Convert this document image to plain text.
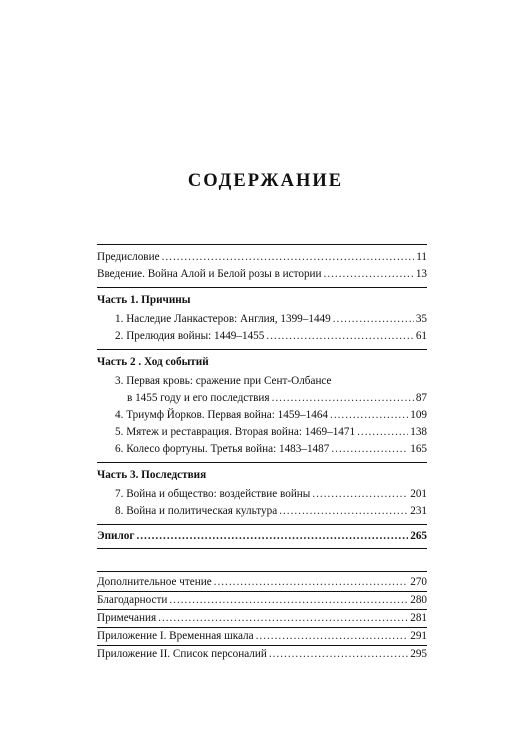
СОДЕРЖАНИЕ
Предисловие .....	11
Введение. Война Алой и Белой розы в истории .....	13
Часть 1. Причины
1. Наследие Ланкастеров: Англия, 1399–1449 .....	35
2. Прелюдия войны: 1449–1455 .....	61
Часть 2 . Ход событий
3. Первая кровь: сражение при Сент-Олбансе
в 1455 году и его последствия .....	87
4. Триумф Йорков. Первая война: 1459–1464 .....	109
5. Мятеж и реставрация. Вторая война: 1469–1471 .....	138
6. Колесо фортуны. Третья война: 1483–1487 .....	165
Часть 3. Последствия
7. Война и общество: воздействие войны .....	201
8. Война и политическая культура .....	231
Эпилог .....	265
Дополнительное чтение .....	270
Благодарности .....	280
Примечания .....	281
Приложение I. Временная шкала .....	291
Приложение II. Список персоналий .....	295
